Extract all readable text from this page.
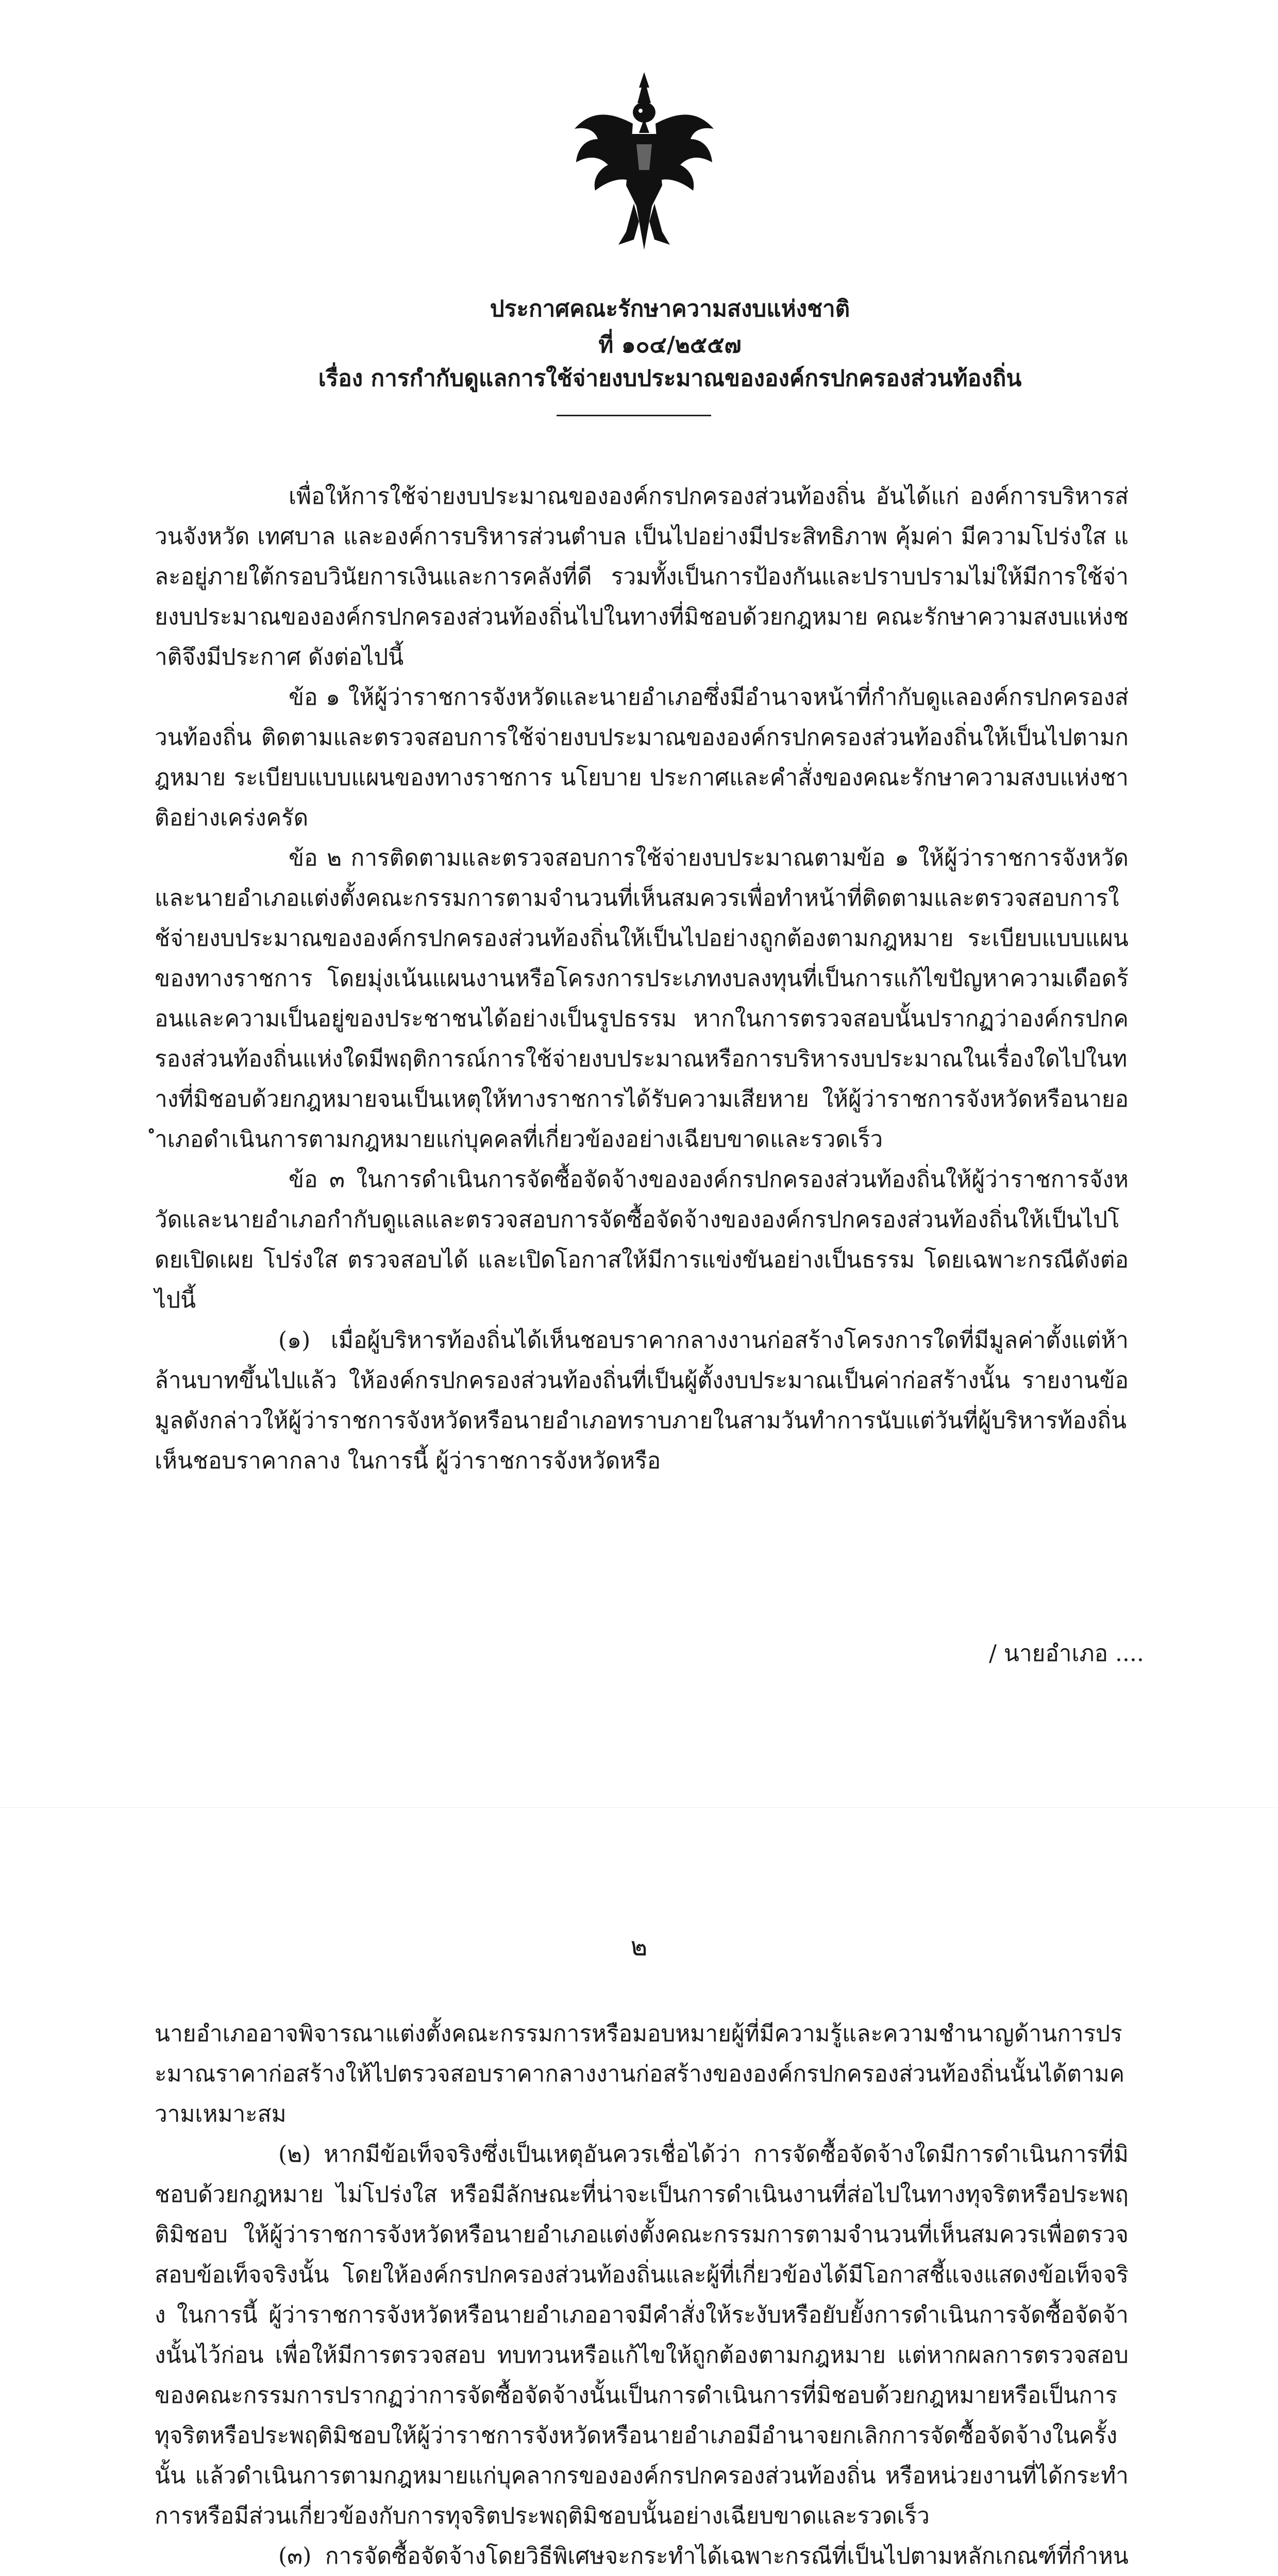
ประกาศคณะรักษาความสงบแห่งชาติ
ที่ ๑๐๔/๒๕๕๗
เรื่อง การกำกับดูแลการใช้จ่ายงบประมาณขององค์กรปกครองส่วนท้องถิ่น

เพื่อให้การใช้จ่ายงบประมาณขององค์กรปกครองส่วนท้องถิ่น อันได้แก่ องค์การบริหารส่วนจังหวัด เทศบาล และองค์การบริหารส่วนตำบล เป็นไปอย่างมีประสิทธิภาพ คุ้มค่า มีความโปร่งใส และอยู่ภายใต้กรอบวินัยการเงินและการคลังที่ดี รวมทั้งเป็นการป้องกันและปราบปรามไม่ให้มีการใช้จ่ายงบประมาณขององค์กรปกครองส่วนท้องถิ่นไปในทางที่มิชอบด้วยกฎหมาย คณะรักษาความสงบแห่งชาติจึงมีประกาศ ดังต่อไปนี้

ข้อ ๑ ให้ผู้ว่าราชการจังหวัดและนายอำเภอซึ่งมีอำนาจหน้าที่กำกับดูแลองค์กรปกครองส่วนท้องถิ่น ติดตามและตรวจสอบการใช้จ่ายงบประมาณขององค์กรปกครองส่วนท้องถิ่นให้เป็นไปตามกฎหมาย ระเบียบแบบแผนของทางราชการ นโยบาย ประกาศและคำสั่งของคณะรักษาความสงบแห่งชาติอย่างเคร่งครัด

ข้อ ๒ การติดตามและตรวจสอบการใช้จ่ายงบประมาณตามข้อ ๑ ให้ผู้ว่าราชการจังหวัดและนายอำเภอแต่งตั้งคณะกรรมการตามจำนวนที่เห็นสมควรเพื่อทำหน้าที่ติดตามและตรวจสอบการใช้จ่ายงบประมาณขององค์กรปกครองส่วนท้องถิ่นให้เป็นไปอย่างถูกต้องตามกฎหมาย ระเบียบแบบแผนของทางราชการ โดยมุ่งเน้นแผนงานหรือโครงการประเภทงบลงทุนที่เป็นการแก้ไขปัญหาความเดือดร้อนและความเป็นอยู่ของประชาชนได้อย่างเป็นรูปธรรม หากในการตรวจสอบนั้นปรากฏว่าองค์กรปกครองส่วนท้องถิ่นแห่งใดมีพฤติการณ์การใช้จ่ายงบประมาณหรือการบริหารงบประมาณในเรื่องใดไปในทางที่มิชอบด้วยกฎหมายจนเป็นเหตุให้ทางราชการได้รับความเสียหาย ให้ผู้ว่าราชการจังหวัดหรือนายอำเภอดำเนินการตามกฎหมายแก่บุคคลที่เกี่ยวข้องอย่างเฉียบขาดและรวดเร็ว

ข้อ ๓ ในการดำเนินการจัดซื้อจัดจ้างขององค์กรปกครองส่วนท้องถิ่นให้ผู้ว่าราชการจังหวัดและนายอำเภอกำกับดูแลและตรวจสอบการจัดซื้อจัดจ้างขององค์กรปกครองส่วนท้องถิ่นให้เป็นไปโดยเปิดเผย โปร่งใส ตรวจสอบได้ และเปิดโอกาสให้มีการแข่งขันอย่างเป็นธรรม โดยเฉพาะกรณีดังต่อไปนี้

(๑) เมื่อผู้บริหารท้องถิ่นได้เห็นชอบราคากลางงานก่อสร้างโครงการใดที่มีมูลค่าตั้งแต่ห้าล้านบาทขึ้นไปแล้ว ให้องค์กรปกครองส่วนท้องถิ่นที่เป็นผู้ตั้งงบประมาณเป็นค่าก่อสร้างนั้น รายงานข้อมูลดังกล่าวให้ผู้ว่าราชการจังหวัดหรือนายอำเภอทราบภายในสามวันทำการนับแต่วันที่ผู้บริหารท้องถิ่นเห็นชอบราคากลาง ในการนี้ ผู้ว่าราชการจังหวัดหรือ

/ นายอำเภอ ....
๒

นายอำเภออาจพิจารณาแต่งตั้งคณะกรรมการหรือมอบหมายผู้ที่มีความรู้และความชำนาญด้านการประมาณราคาก่อสร้างให้ไปตรวจสอบราคากลางงานก่อสร้างขององค์กรปกครองส่วนท้องถิ่นนั้นได้ตามความเหมาะสม

(๒) หากมีข้อเท็จจริงซึ่งเป็นเหตุอันควรเชื่อได้ว่า การจัดซื้อจัดจ้างใดมีการดำเนินการที่มิชอบด้วยกฎหมาย ไม่โปร่งใส หรือมีลักษณะที่น่าจะเป็นการดำเนินงานที่ส่อไปในทางทุจริตหรือประพฤติมิชอบ ให้ผู้ว่าราชการจังหวัดหรือนายอำเภอแต่งตั้งคณะกรรมการตามจำนวนที่เห็นสมควรเพื่อตรวจสอบข้อเท็จจริงนั้น โดยให้องค์กรปกครองส่วนท้องถิ่นและผู้ที่เกี่ยวข้องได้มีโอกาสชี้แจงแสดงข้อเท็จจริง ในการนี้ ผู้ว่าราชการจังหวัดหรือนายอำเภออาจมีคำสั่งให้ระงับหรือยับยั้งการดำเนินการจัดซื้อจัดจ้างนั้นไว้ก่อน เพื่อให้มีการตรวจสอบ ทบทวนหรือแก้ไขให้ถูกต้องตามกฎหมาย แต่หากผลการตรวจสอบของคณะกรรมการปรากฏว่าการจัดซื้อจัดจ้างนั้นเป็นการดำเนินการที่มิชอบด้วยกฎหมายหรือเป็นการทุจริตหรือประพฤติมิชอบให้ผู้ว่าราชการจังหวัดหรือนายอำเภอมีอำนาจยกเลิกการจัดซื้อจัดจ้างในครั้งนั้น แล้วดำเนินการตามกฎหมายแก่บุคลากรขององค์กรปกครองส่วนท้องถิ่น หรือหน่วยงานที่ได้กระทำการหรือมีส่วนเกี่ยวข้องกับการทุจริตประพฤติมิชอบนั้นอย่างเฉียบขาดและรวดเร็ว

(๓) การจัดซื้อจัดจ้างโดยวิธีพิเศษจะกระทำได้เฉพาะกรณีที่เป็นไปตามหลักเกณฑ์ที่กำหน
